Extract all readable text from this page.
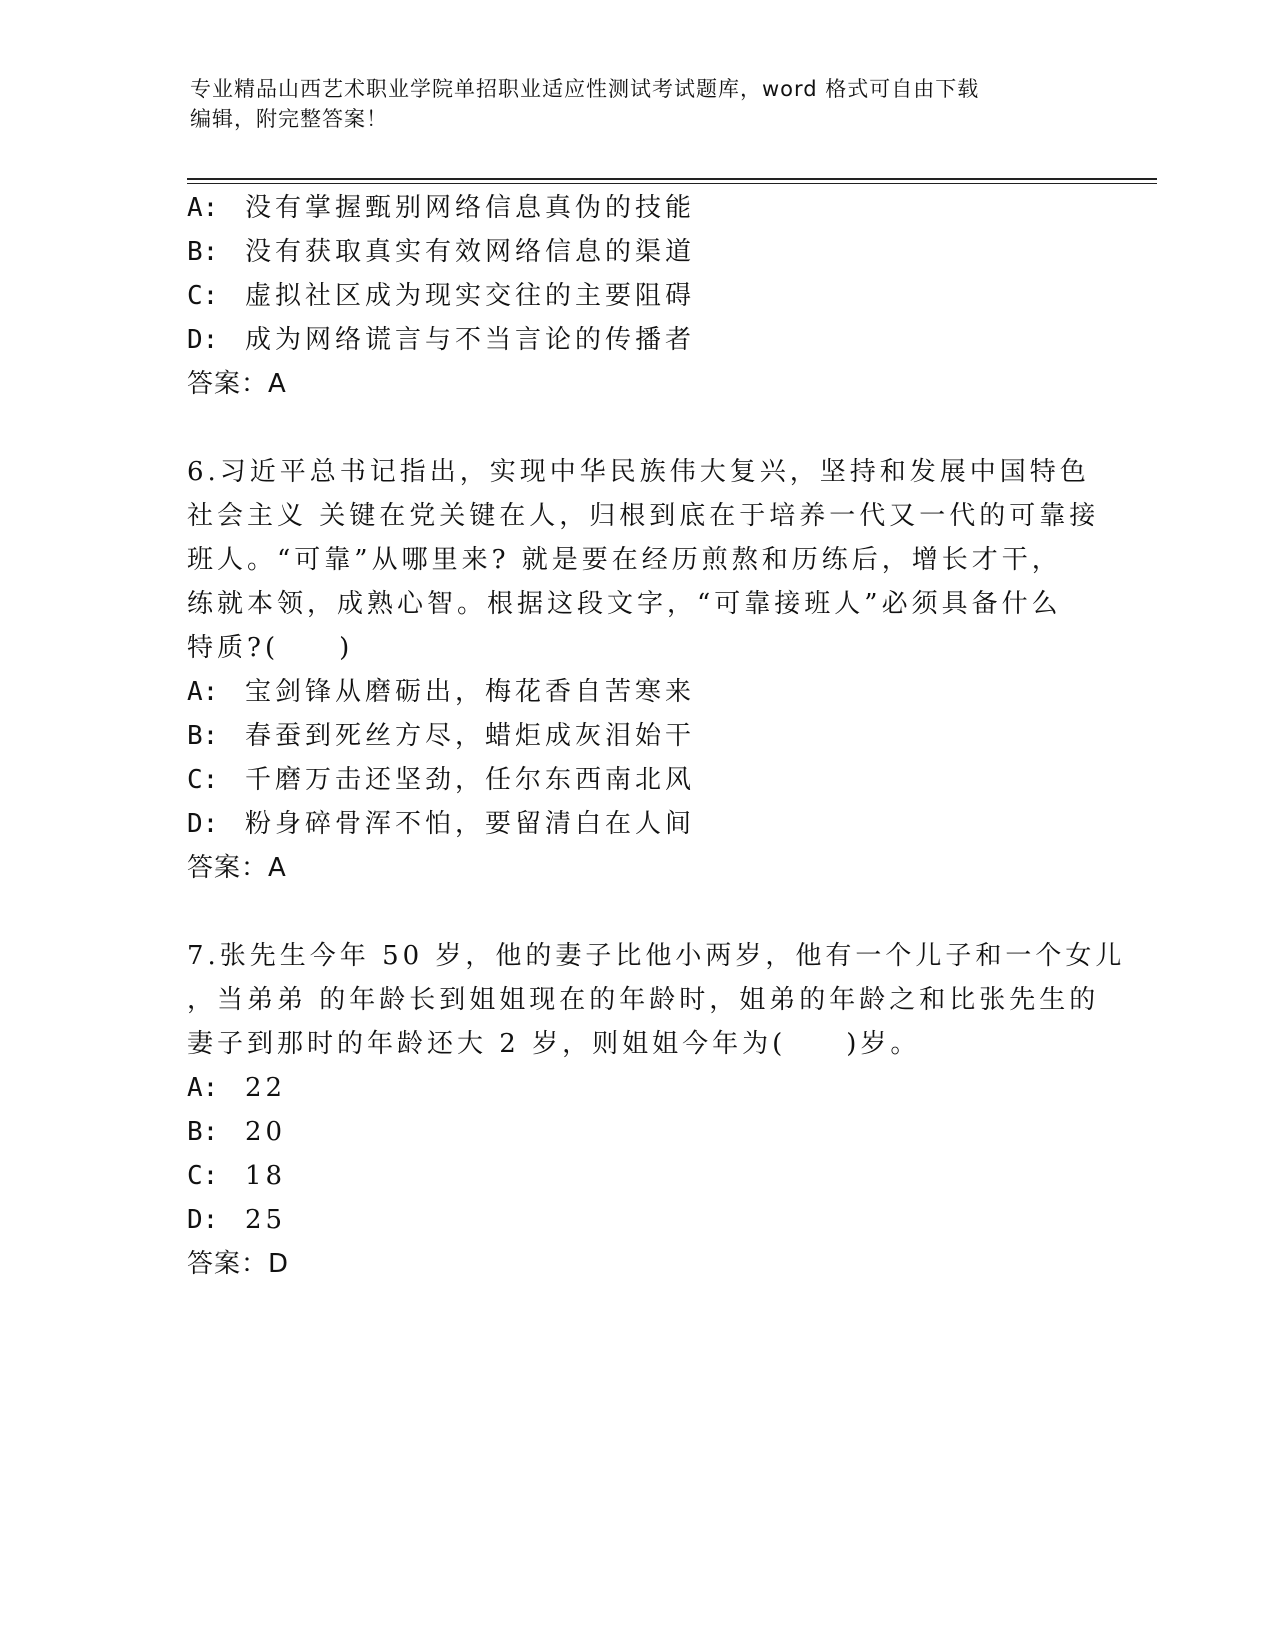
专业精品山西艺术职业学院单招职业适应性测试考试题库，word 格式可自由下载
编辑，附完整答案！
A: 没有掌握甄别网络信息真伪的技能
B: 没有获取真实有效网络信息的渠道
C: 虚拟社区成为现实交往的主要阻碍
D: 成为网络谎言与不当言论的传播者
答案：A
6.习近平总书记指出，实现中华民族伟大复兴，坚持和发展中国特色
社会主义 关键在党关键在人，归根到底在于培养一代又一代的可靠接
班人。“可靠”从哪里来? 就是要在经历煎熬和历练后，增长才干，
练就本领，成熟心智。根据这段文字，“可靠接班人”必须具备什么
特质?(　　)
A: 宝剑锋从磨砺出，梅花香自苦寒来
B: 春蚕到死丝方尽，蜡炬成灰泪始干
C: 千磨万击还坚劲，任尔东西南北风
D: 粉身碎骨浑不怕，要留清白在人间
答案：A
7.张先生今年 50 岁，他的妻子比他小两岁，他有一个儿子和一个女儿
，当弟弟 的年龄长到姐姐现在的年龄时，姐弟的年龄之和比张先生的
妻子到那时的年龄还大 2 岁，则姐姐今年为(　　)岁。
A: 22
B: 20
C: 18
D: 25
答案：D
